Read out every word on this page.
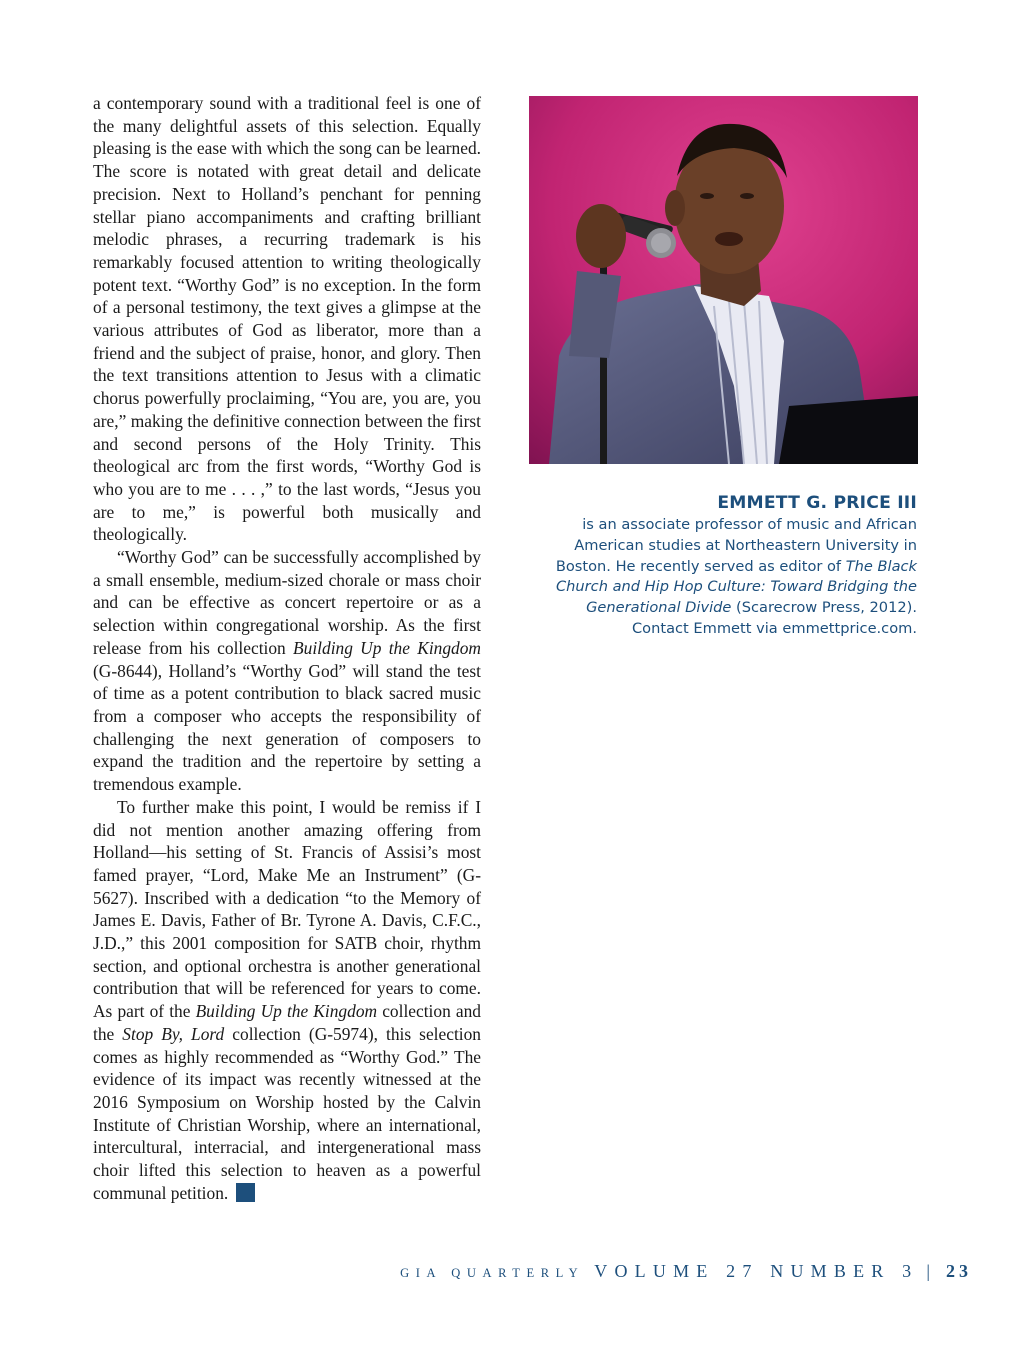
a contemporary sound with a traditional feel is one of the many delightful assets of this selection. Equally pleasing is the ease with which the song can be learned. The score is notated with great detail and delicate precision. Next to Holland’s penchant for penning stellar piano accompaniments and crafting brilliant melodic phrases, a recurring trademark is his remarkably focused attention to writing theologically potent text. “Worthy God” is no exception. In the form of a personal testimony, the text gives a glimpse at the various attributes of God as liberator, more than a friend and the subject of praise, honor, and glory. Then the text transitions attention to Jesus with a climatic chorus powerfully proclaiming, “You are, you are, you are,” making the definitive connection between the first and second persons of the Holy Trinity. This theological arc from the first words, “Worthy God is who you are to me . . . ,” to the last words, “Jesus you are to me,” is powerful both musically and theologically.

“Worthy God” can be successfully accomplished by a small ensemble, medium-sized chorale or mass choir and can be effective as concert repertoire or as a selection within congregational worship. As the first release from his collection Building Up the Kingdom (G-8644), Holland’s “Worthy God” will stand the test of time as a potent contribution to black sacred music from a composer who accepts the responsibility of challenging the next generation of composers to expand the tradition and the repertoire by setting a tremendous example.

To further make this point, I would be remiss if I did not mention another amazing offering from Holland—his setting of St. Francis of Assisi’s most famed prayer, “Lord, Make Me an Instrument” (G-5627). Inscribed with a dedication “to the Memory of James E. Davis, Father of Br. Tyrone A. Davis, C.F.C., J.D.,” this 2001 composition for SATB choir, rhythm section, and optional orchestra is another generational contribution that will be referenced for years to come. As part of the Building Up the Kingdom collection and the Stop By, Lord collection (G-5974), this selection comes as highly recommended as “Worthy God.” The evidence of its impact was recently witnessed at the 2016 Symposium on Worship hosted by the Calvin Institute of Christian Worship, where an international, intercultural, interracial, and intergenerational mass choir lifted this selection to heaven as a powerful communal petition.

EMMETT G. PRICE III

is an associate professor of music and African American studies at Northeastern University in Boston. He recently served as editor of The Black Church and Hip Hop Culture: Toward Bridging the Generational Divide (Scarecrow Press, 2012). Contact Emmett via emmettprice.com.

GIA QUARTERLY VOLUME 27 NUMBER 3 | 23
